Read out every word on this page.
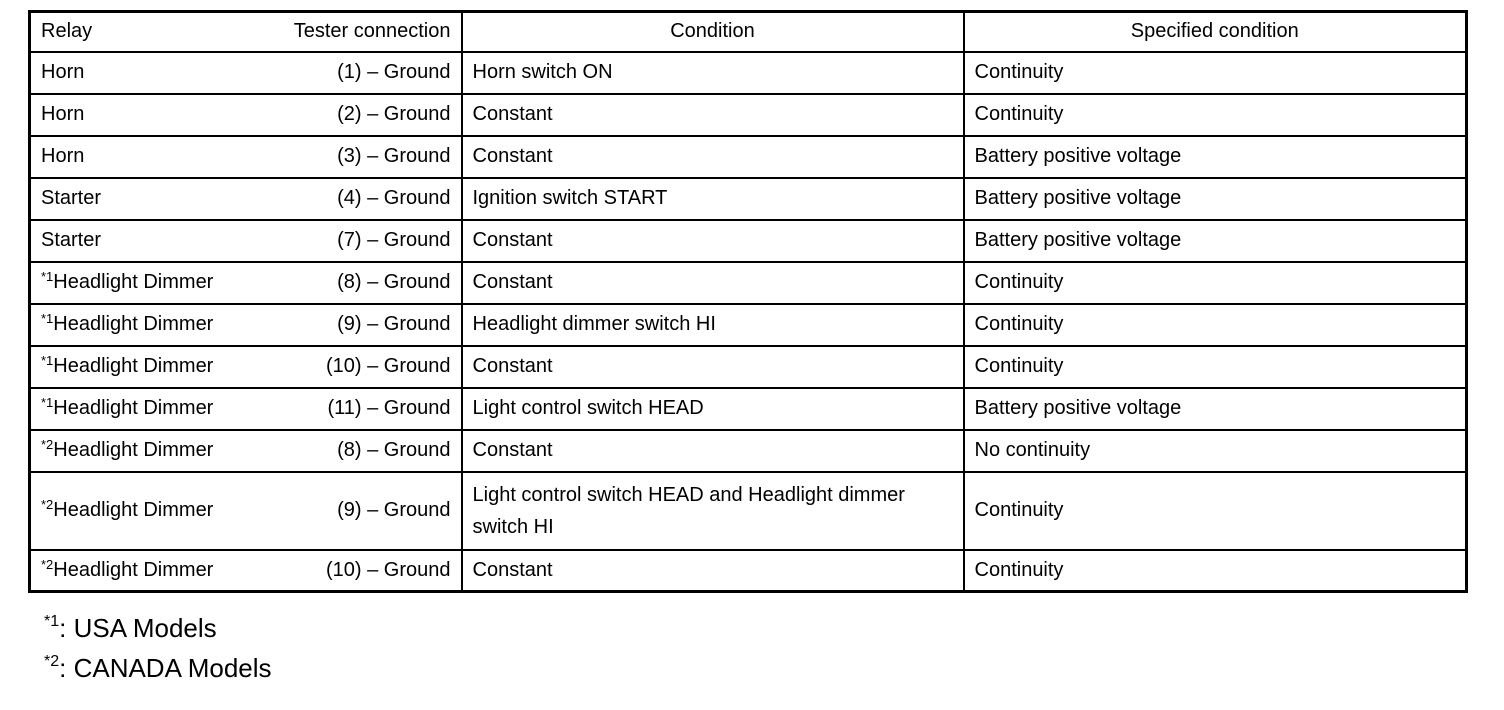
Relay Tester connection	Condition	Specified condition

Horn (1) – Ground	Horn switch ON	Continuity

Horn (2) – Ground	Constant	Continuity

Horn (3) – Ground	Constant	Battery positive voltage

Starter (4) – Ground	Ignition switch START	Battery positive voltage

Starter (7) – Ground	Constant	Battery positive voltage

$^{*1}$Headlight Dimmer (8) – Ground	Constant	Continuity

$^{*1}$Headlight Dimmer (9) – Ground	Headlight dimmer switch HI	Continuity

$^{*1}$Headlight Dimmer (10) – Ground	Constant	Continuity

$^{*1}$Headlight Dimmer (11) – Ground	Light control switch HEAD	Battery positive voltage

$^{*2}$Headlight Dimmer (8) – Ground	Constant	No continuity

$^{*2}$Headlight Dimmer (9) – Ground	Light control switch HEAD and Headlight dimmer switch HI	Continuity

$^{*2}$Headlight Dimmer (10) – Ground	Constant	Continuity
$^{*1}$: USA Models
$^{*2}$: CANADA Models
